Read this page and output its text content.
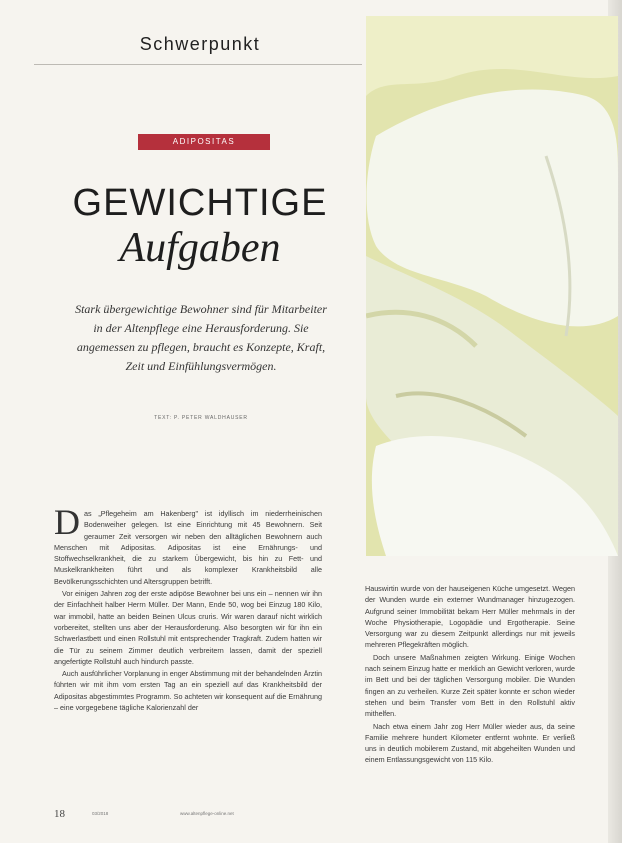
Schwerpunkt
ADIPOSITAS
GEWICHTIGE
Aufgaben
Stark übergewichtige Bewohner sind für Mitarbeiter in der Altenpflege eine Herausforderung. Sie angemessen zu pflegen, braucht es Konzepte, Kraft, Zeit und Einfühlungsvermögen.
TEXT: P. PETER WALDHAUSER

Das „Pflegeheim am Hakenberg" ist idyllisch im niederrheinischen Bodenweiher gelegen. Ist eine Einrichtung mit 45 Bewohnern. Seit geraumer Zeit versorgen wir neben den alltäglichen Bewohnern auch Menschen mit Adipositas. Adipositas ist eine Ernährungs- und Stoffwechselkrankheit, die zu starkem Übergewicht, bis hin zu Fett- und Muskelkrankheiten führt und als komplexer Krankheitsbild alle Bevölkerungsschichten und Altersgruppen betrifft.

Vor einigen Jahren zog der erste adipöse Bewohner bei uns ein – nennen wir ihn der Einfachheit halber Herrn Müller. Der Mann, Ende 50, wog bei Einzug 180 Kilo, war immobil, hatte an beiden Beinen Ulcus cruris. Wir waren darauf nicht wirklich vorbereitet, stellten uns aber der Herausforderung. Also besorgten wir für ihn ein Schwerlastbett und einen Rollstuhl mit entsprechender Tragkraft. Zudem hatten wir die Tür zu seinem Zimmer deutlich verbreitern lassen, damit der speziell angefertigte Rollstuhl auch hindurch passte.

Auch ausführlicher Vorplanung in enger Abstimmung mit der behandelnden Ärztin führten wir mit ihm vom ersten Tag an ein speziell auf das Krankheitsbild der Adipositas abgestimmtes Programm. So achteten wir konsequent auf die Ernährung – eine vorgegebene tägliche Kalorienzahl der

Hauswirtin wurde von der hauseigenen Küche umgesetzt. Wegen der Wunden wurde ein externer Wundmanager hinzugezogen. Aufgrund seiner Immobilität bekam Herr Müller mehrmals in der Woche Physiotherapie, Logopädie und Ergotherapie. Seine Versorgung war zu diesem Zeitpunkt allerdings nur mit jeweils mehreren Pflegekräften möglich.

Doch unsere Maßnahmen zeigten Wirkung. Einige Wochen nach seinem Einzug hatte er merklich an Gewicht verloren, wurde im Bett und bei der täglichen Versorgung mobiler. Die Wunden fingen an zu verheilen. Kurze Zeit später konnte er schon wieder stehen und beim Transfer vom Bett in den Rollstuhl aktiv mithelfen.

Nach etwa einem Jahr zog Herr Müller wieder aus, da seine Familie mehrere hundert Kilometer entfernt wohnte. Er verließ uns in deutlich mobilerem Zustand, mit abgeheilten Wunden und einem Entlassungsgewicht von 115 Kilo.

18	03/2018	www.altenpflege-online.net
